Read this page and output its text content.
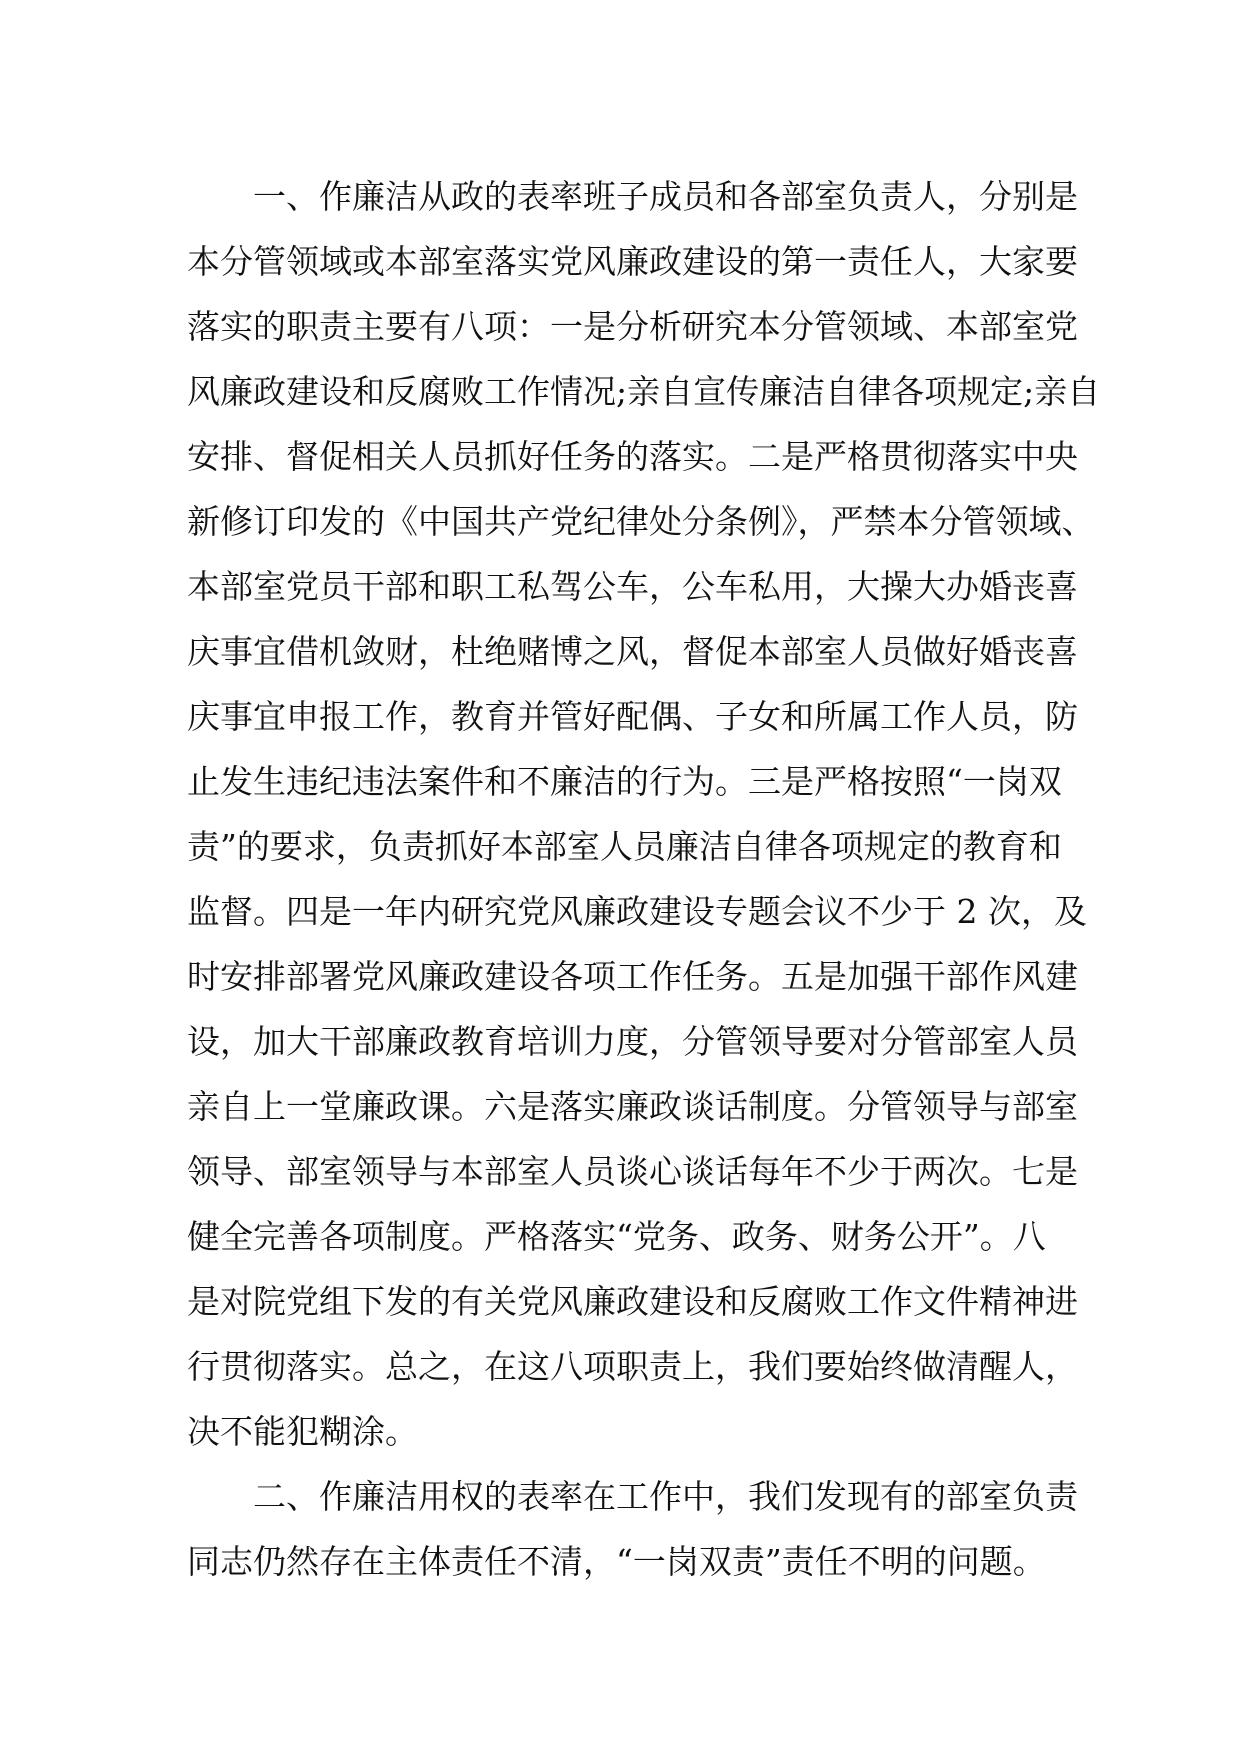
一、作廉洁从政的表率班子成员和各部室负责人，分别是
本分管领域或本部室落实党风廉政建设的第一责任人，大家要
落实的职责主要有八项：一是分析研究本分管领域、本部室党
风廉政建设和反腐败工作情况;亲自宣传廉洁自律各项规定;亲自
安排、督促相关人员抓好任务的落实。二是严格贯彻落实中央
新修订印发的《中国共产党纪律处分条例》，严禁本分管领域、
本部室党员干部和职工私驾公车，公车私用，大操大办婚丧喜
庆事宜借机敛财，杜绝赌博之风，督促本部室人员做好婚丧喜
庆事宜申报工作，教育并管好配偶、子女和所属工作人员，防
止发生违纪违法案件和不廉洁的行为。三是严格按照“一岗双
责”的要求，负责抓好本部室人员廉洁自律各项规定的教育和
监督。四是一年内研究党风廉政建设专题会议不少于 2 次，及
时安排部署党风廉政建设各项工作任务。五是加强干部作风建
设，加大干部廉政教育培训力度，分管领导要对分管部室人员
亲自上一堂廉政课。六是落实廉政谈话制度。分管领导与部室
领导、部室领导与本部室人员谈心谈话每年不少于两次。七是
健全完善各项制度。严格落实“党务、政务、财务公开”。八
是对院党组下发的有关党风廉政建设和反腐败工作文件精神进
行贯彻落实。总之，在这八项职责上，我们要始终做清醒人，
决不能犯糊涂。
二、作廉洁用权的表率在工作中，我们发现有的部室负责
同志仍然存在主体责任不清，“一岗双责”责任不明的问题。
